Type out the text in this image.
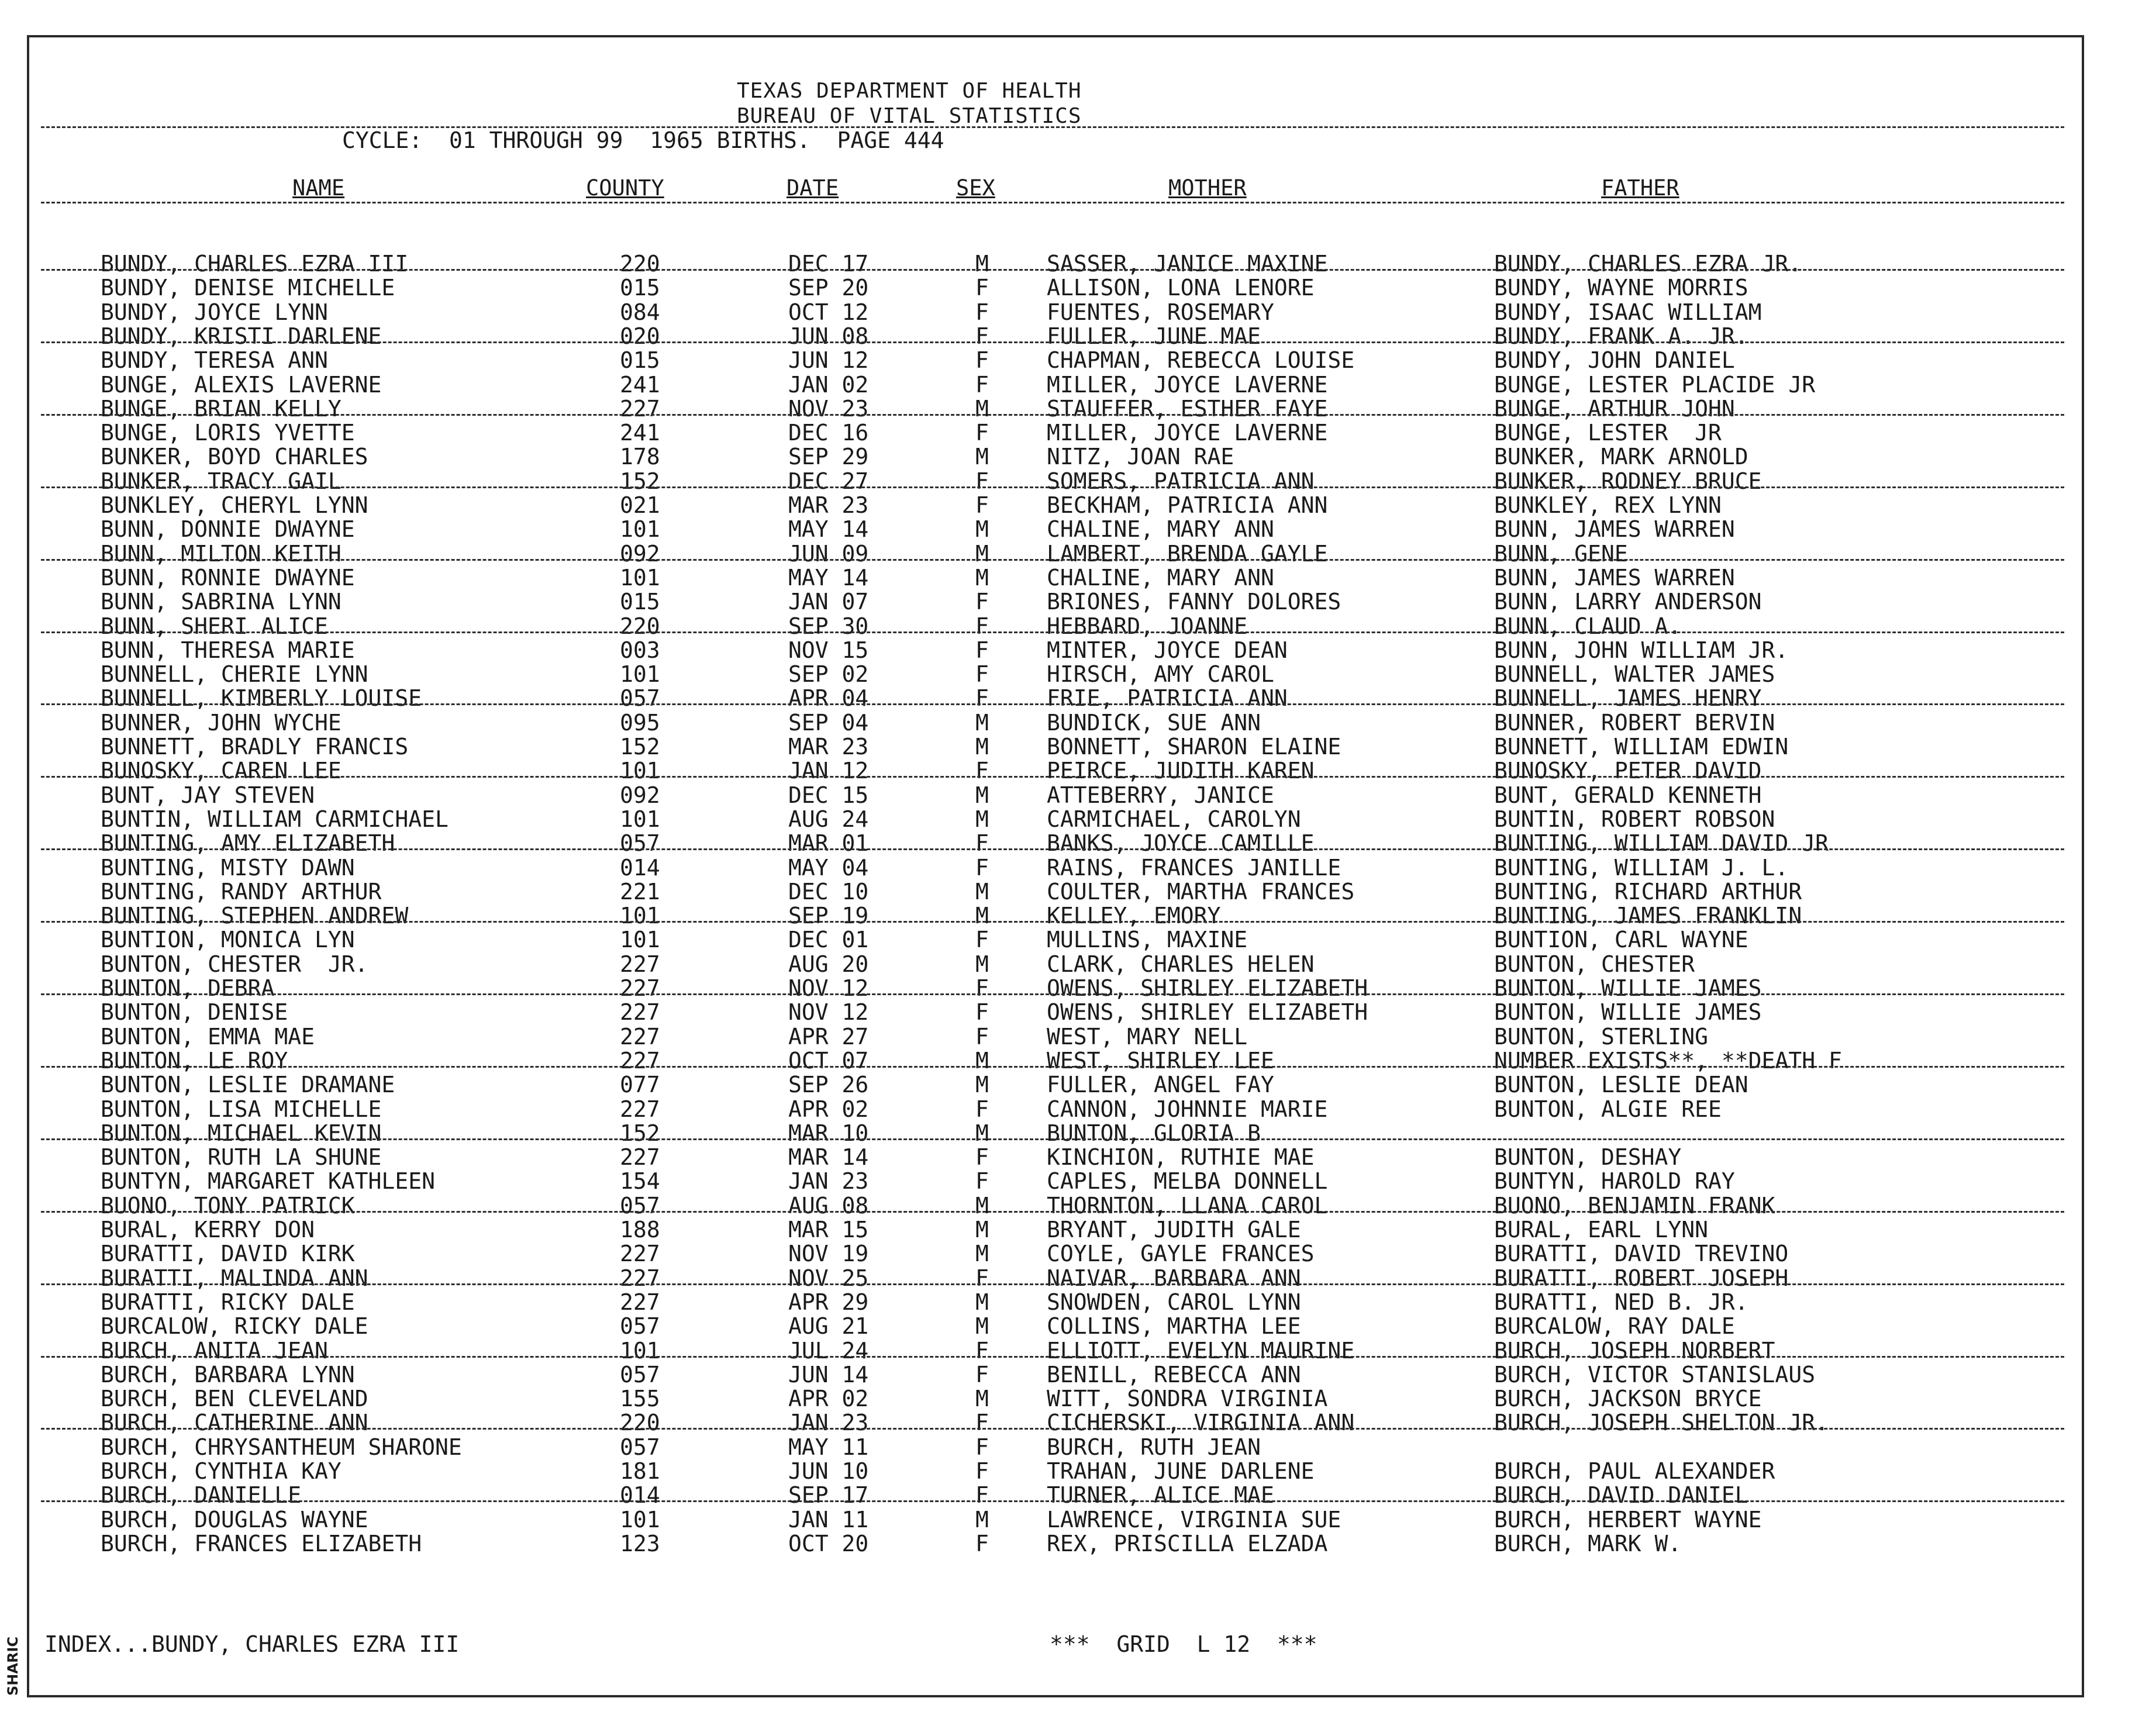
SHARIC
TEXAS DEPARTMENT OF HEALTH
BUREAU OF VITAL STATISTICS
CYCLE:  01 THROUGH 99  1965 BIRTHS.  PAGE 444
NAME	COUNTY	DATE	SEX	MOTHER	FATHER
BUNDY, CHARLES EZRA III	220	DEC 17	M	SASSER, JANICE MAXINE	BUNDY, CHARLES EZRA JR.
BUNDY, DENISE MICHELLE	015	SEP 20	F	ALLISON, LONA LENORE	BUNDY, WAYNE MORRIS
BUNDY, JOYCE LYNN	084	OCT 12	F	FUENTES, ROSEMARY	BUNDY, ISAAC WILLIAM
BUNDY, KRISTI DARLENE	020	JUN 08	F	FULLER, JUNE MAE	BUNDY, FRANK A. JR.
BUNDY, TERESA ANN	015	JUN 12	F	CHAPMAN, REBECCA LOUISE	BUNDY, JOHN DANIEL
BUNGE, ALEXIS LAVERNE	241	JAN 02	F	MILLER, JOYCE LAVERNE	BUNGE, LESTER PLACIDE JR
BUNGE, BRIAN KELLY	227	NOV 23	M	STAUFFER, ESTHER FAYE	BUNGE, ARTHUR JOHN
BUNGE, LORIS YVETTE	241	DEC 16	F	MILLER, JOYCE LAVERNE	BUNGE, LESTER  JR
BUNKER, BOYD CHARLES	178	SEP 29	M	NITZ, JOAN RAE	BUNKER, MARK ARNOLD
BUNKER, TRACY GAIL	152	DEC 27	F	SOMERS, PATRICIA ANN	BUNKER, RODNEY BRUCE
BUNKLEY, CHERYL LYNN	021	MAR 23	F	BECKHAM, PATRICIA ANN	BUNKLEY, REX LYNN
BUNN, DONNIE DWAYNE	101	MAY 14	M	CHALINE, MARY ANN	BUNN, JAMES WARREN
BUNN, MILTON KEITH	092	JUN 09	M	LAMBERT, BRENDA GAYLE	BUNN, GENE
BUNN, RONNIE DWAYNE	101	MAY 14	M	CHALINE, MARY ANN	BUNN, JAMES WARREN
BUNN, SABRINA LYNN	015	JAN 07	F	BRIONES, FANNY DOLORES	BUNN, LARRY ANDERSON
BUNN, SHERI ALICE	220	SEP 30	F	HEBBARD, JOANNE	BUNN, CLAUD A.
BUNN, THERESA MARIE	003	NOV 15	F	MINTER, JOYCE DEAN	BUNN, JOHN WILLIAM JR.
BUNNELL, CHERIE LYNN	101	SEP 02	F	HIRSCH, AMY CAROL	BUNNELL, WALTER JAMES
BUNNELL, KIMBERLY LOUISE	057	APR 04	F	FRIE, PATRICIA ANN	BUNNELL, JAMES HENRY
BUNNER, JOHN WYCHE	095	SEP 04	M	BUNDICK, SUE ANN	BUNNER, ROBERT BERVIN
BUNNETT, BRADLY FRANCIS	152	MAR 23	M	BONNETT, SHARON ELAINE	BUNNETT, WILLIAM EDWIN
BUNOSKY, CAREN LEE	101	JAN 12	F	PEIRCE, JUDITH KAREN	BUNOSKY, PETER DAVID
BUNT, JAY STEVEN	092	DEC 15	M	ATTEBERRY, JANICE	BUNT, GERALD KENNETH
BUNTIN, WILLIAM CARMICHAEL	101	AUG 24	M	CARMICHAEL, CAROLYN	BUNTIN, ROBERT ROBSON
BUNTING, AMY ELIZABETH	057	MAR 01	F	BANKS, JOYCE CAMILLE	BUNTING, WILLIAM DAVID JR
BUNTING, MISTY DAWN	014	MAY 04	F	RAINS, FRANCES JANILLE	BUNTING, WILLIAM J. L.
BUNTING, RANDY ARTHUR	221	DEC 10	M	COULTER, MARTHA FRANCES	BUNTING, RICHARD ARTHUR
BUNTING, STEPHEN ANDREW	101	SEP 19	M	KELLEY, EMORY	BUNTING, JAMES FRANKLIN
BUNTION, MONICA LYN	101	DEC 01	F	MULLINS, MAXINE	BUNTION, CARL WAYNE
BUNTON, CHESTER  JR.	227	AUG 20	M	CLARK, CHARLES HELEN	BUNTON, CHESTER
BUNTON, DEBRA	227	NOV 12	F	OWENS, SHIRLEY ELIZABETH	BUNTON, WILLIE JAMES
BUNTON, DENISE	227	NOV 12	F	OWENS, SHIRLEY ELIZABETH	BUNTON, WILLIE JAMES
BUNTON, EMMA MAE	227	APR 27	F	WEST, MARY NELL	BUNTON, STERLING
BUNTON, LE ROY	227	OCT 07	M	WEST, SHIRLEY LEE	NUMBER EXISTS**, **DEATH F
BUNTON, LESLIE DRAMANE	077	SEP 26	M	FULLER, ANGEL FAY	BUNTON, LESLIE DEAN
BUNTON, LISA MICHELLE	227	APR 02	F	CANNON, JOHNNIE MARIE	BUNTON, ALGIE REE
BUNTON, MICHAEL KEVIN	152	MAR 10	M	BUNTON, GLORIA B
BUNTON, RUTH LA SHUNE	227	MAR 14	F	KINCHION, RUTHIE MAE	BUNTON, DESHAY
BUNTYN, MARGARET KATHLEEN	154	JAN 23	F	CAPLES, MELBA DONNELL	BUNTYN, HAROLD RAY
BUONO, TONY PATRICK	057	AUG 08	M	THORNTON, LLANA CAROL	BUONO, BENJAMIN FRANK
BURAL, KERRY DON	188	MAR 15	M	BRYANT, JUDITH GALE	BURAL, EARL LYNN
BURATTI, DAVID KIRK	227	NOV 19	M	COYLE, GAYLE FRANCES	BURATTI, DAVID TREVINO
BURATTI, MALINDA ANN	227	NOV 25	F	NAIVAR, BARBARA ANN	BURATTI, ROBERT JOSEPH
BURATTI, RICKY DALE	227	APR 29	M	SNOWDEN, CAROL LYNN	BURATTI, NED B. JR.
BURCALOW, RICKY DALE	057	AUG 21	M	COLLINS, MARTHA LEE	BURCALOW, RAY DALE
BURCH, ANITA JEAN	101	JUL 24	F	ELLIOTT, EVELYN MAURINE	BURCH, JOSEPH NORBERT
BURCH, BARBARA LYNN	057	JUN 14	F	BENILL, REBECCA ANN	BURCH, VICTOR STANISLAUS
BURCH, BEN CLEVELAND	155	APR 02	M	WITT, SONDRA VIRGINIA	BURCH, JACKSON BRYCE
BURCH, CATHERINE ANN	220	JAN 23	F	CICHERSKI, VIRGINIA ANN	BURCH, JOSEPH SHELTON JR.
BURCH, CHRYSANTHEUM SHARONE	057	MAY 11	F	BURCH, RUTH JEAN
BURCH, CYNTHIA KAY	181	JUN 10	F	TRAHAN, JUNE DARLENE	BURCH, PAUL ALEXANDER
BURCH, DANIELLE	014	SEP 17	F	TURNER, ALICE MAE	BURCH, DAVID DANIEL
BURCH, DOUGLAS WAYNE	101	JAN 11	M	LAWRENCE, VIRGINIA SUE	BURCH, HERBERT WAYNE
BURCH, FRANCES ELIZABETH	123	OCT 20	F	REX, PRISCILLA ELZADA	BURCH, MARK W.
INDEX...BUNDY, CHARLES EZRA III	***  GRID  L 12  ***
